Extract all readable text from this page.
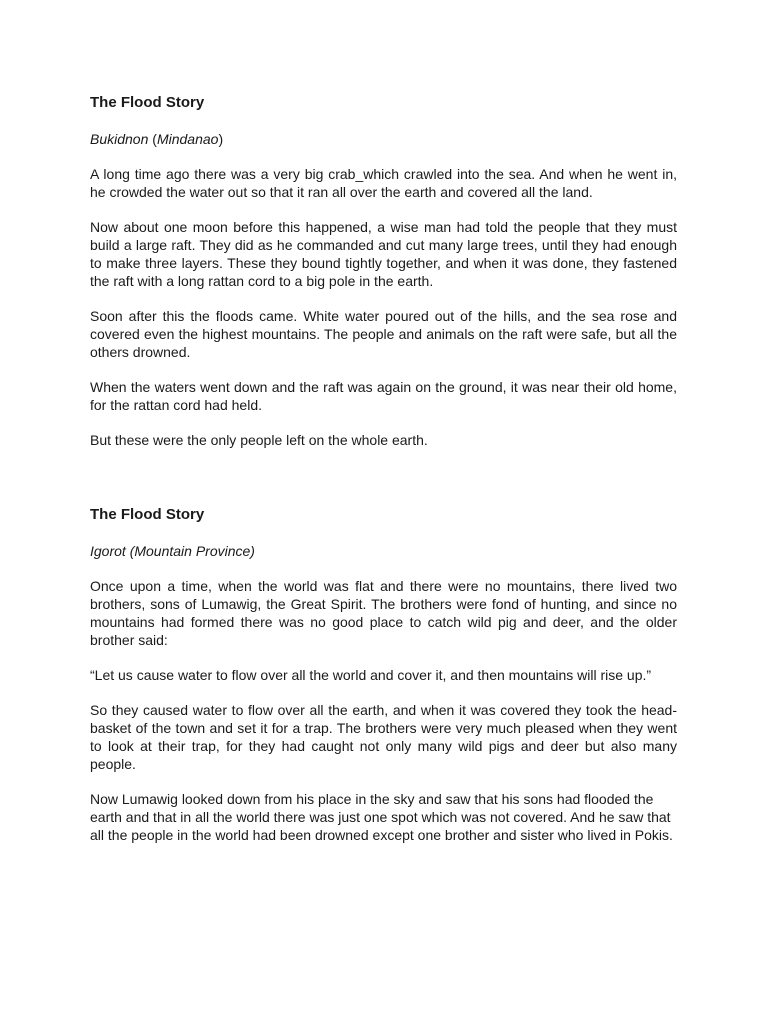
The Flood Story

Bukidnon (Mindanao)

A long time ago there was a very big crab_which crawled into the sea. And when he went in, he crowded the water out so that it ran all over the earth and covered all the land.

Now about one moon before this happened, a wise man had told the people that they must build a large raft. They did as he commanded and cut many large trees, until they had enough to make three layers. These they bound tightly together, and when it was done, they fastened the raft with a long rattan cord to a big pole in the earth.

Soon after this the floods came. White water poured out of the hills, and the sea rose and covered even the highest mountains. The people and animals on the raft were safe, but all the others drowned.

When the waters went down and the raft was again on the ground, it was near their old home, for the rattan cord had held.

But these were the only people left on the whole earth.

The Flood Story

Igorot (Mountain Province)

Once upon a time, when the world was flat and there were no mountains, there lived two brothers, sons of Lumawig, the Great Spirit. The brothers were fond of hunting, and since no mountains had formed there was no good place to catch wild pig and deer, and the older brother said:

“Let us cause water to flow over all the world and cover it, and then mountains will rise up.”

So they caused water to flow over all the earth, and when it was covered they took the head-basket of the town and set it for a trap. The brothers were very much pleased when they went to look at their trap, for they had caught not only many wild pigs and deer but also many people.

Now Lumawig looked down from his place in the sky and saw that his sons had flooded the earth and that in all the world there was just one spot which was not covered. And he saw that all the people in the world had been drowned except one brother and sister who lived in Pokis.
